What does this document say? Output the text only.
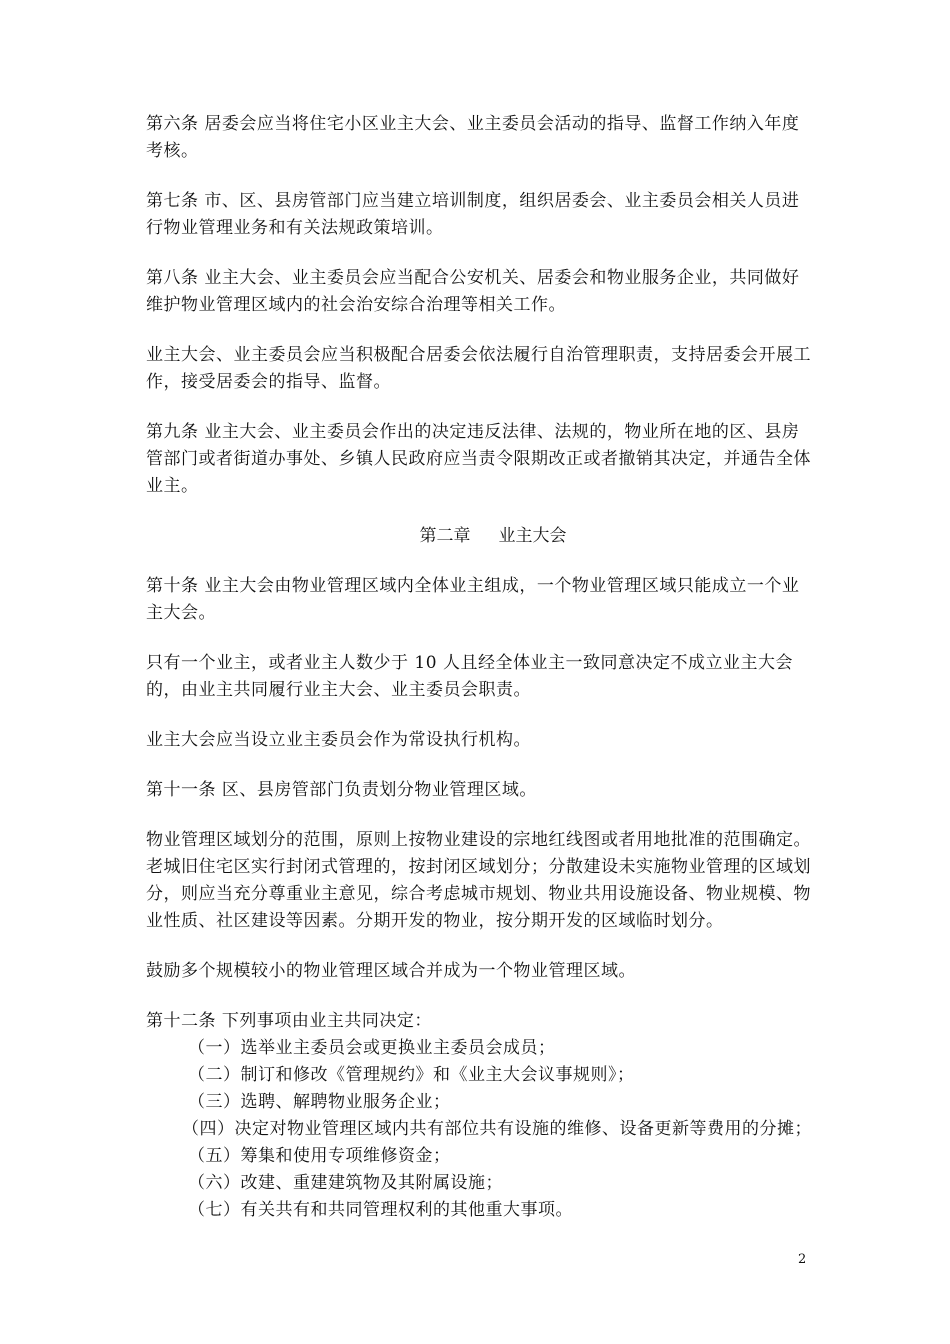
第六条 居委会应当将住宅小区业主大会、业主委员会活动的指导、监督工作纳入年度考核。

第七条 市、区、县房管部门应当建立培训制度，组织居委会、业主委员会相关人员进行物业管理业务和有关法规政策培训。

第八条 业主大会、业主委员会应当配合公安机关、居委会和物业服务企业，共同做好维护物业管理区域内的社会治安综合治理等相关工作。

业主大会、业主委员会应当积极配合居委会依法履行自治管理职责，支持居委会开展工作，接受居委会的指导、监督。

第九条 业主大会、业主委员会作出的决定违反法律、法规的，物业所在地的区、县房管部门或者街道办事处、乡镇人民政府应当责令限期改正或者撤销其决定，并通告全体业主。

第二章 业主大会

第十条 业主大会由物业管理区域内全体业主组成，一个物业管理区域只能成立一个业主大会。

只有一个业主，或者业主人数少于 10 人且经全体业主一致同意决定不成立业主大会的，由业主共同履行业主大会、业主委员会职责。

业主大会应当设立业主委员会作为常设执行机构。

第十一条 区、县房管部门负责划分物业管理区域。

物业管理区域划分的范围，原则上按物业建设的宗地红线图或者用地批准的范围确定。老城旧住宅区实行封闭式管理的，按封闭区域划分；分散建设未实施物业管理的区域划分，则应当充分尊重业主意见，综合考虑城市规划、物业共用设施设备、物业规模、物业性质、社区建设等因素。分期开发的物业，按分期开发的区域临时划分。

鼓励多个规模较小的物业管理区域合并成为一个物业管理区域。

第十二条 下列事项由业主共同决定：

（一）选举业主委员会或更换业主委员会成员；

（二）制订和修改《管理规约》和《业主大会议事规则》；

（三）选聘、解聘物业服务企业；

（四）决定对物业管理区域内共有部位共有设施的维修、设备更新等费用的分摊；

（五）筹集和使用专项维修资金；

（六）改建、重建建筑物及其附属设施；

（七）有关共有和共同管理权利的其他重大事项。

2
